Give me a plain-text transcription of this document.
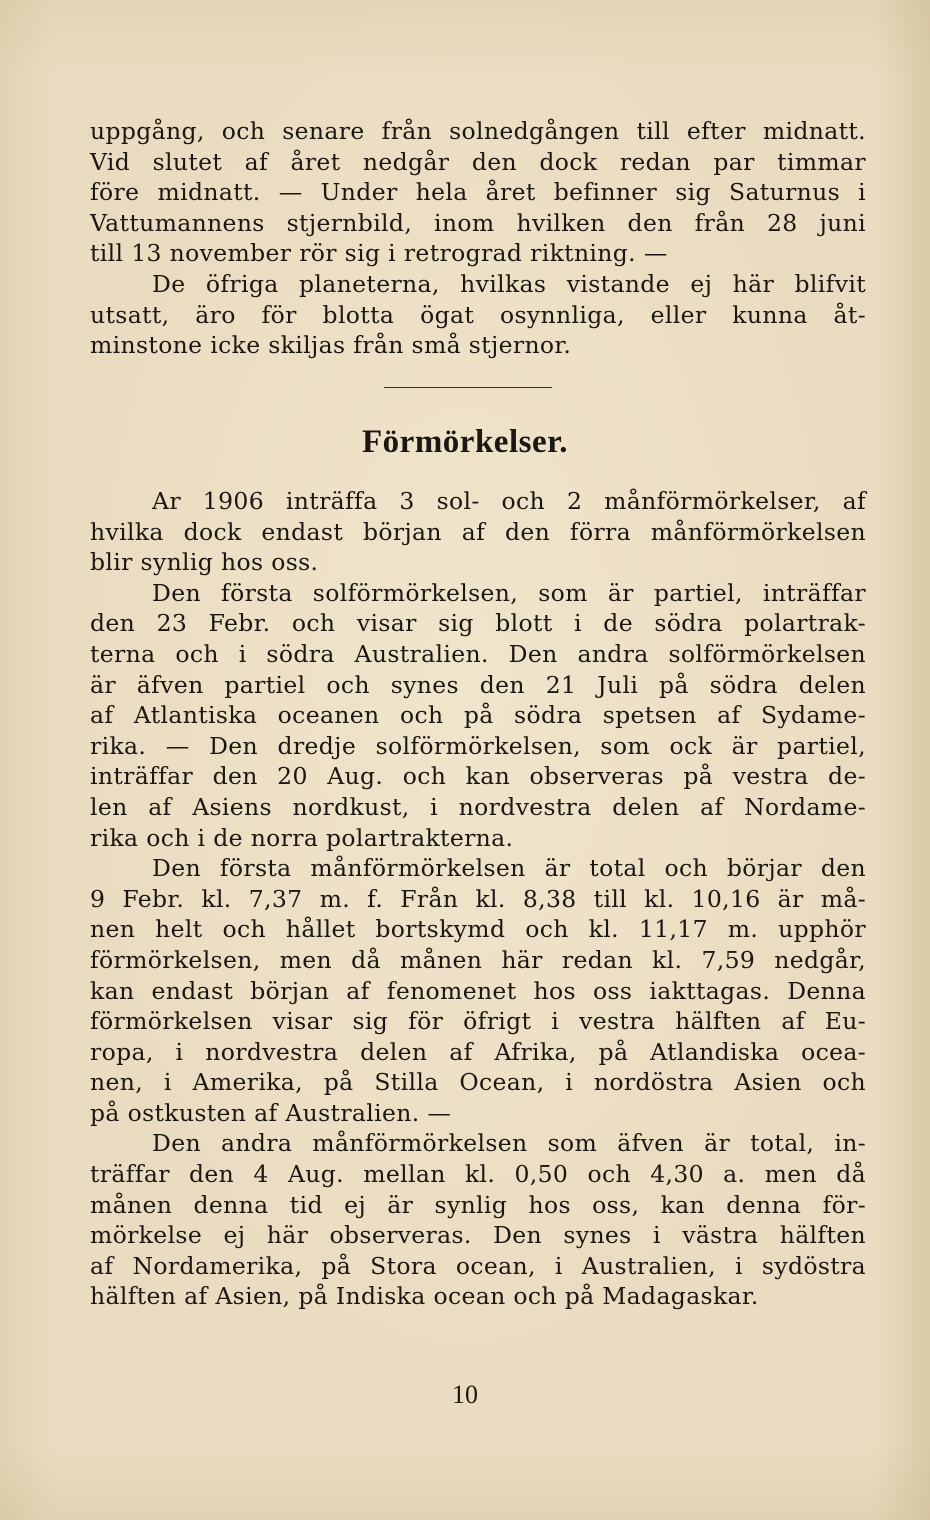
uppgång, och senare från solnedgången till efter midnatt.
Vid slutet af året nedgår den dock redan par timmar
före midnatt. — Under hela året befinner sig Saturnus i
Vattumannens stjernbild, inom hvilken den från 28 juni
till 13 november rör sig i retrograd riktning. —
De öfriga planeterna, hvilkas vistande ej här blifvit
utsatt, äro för blotta ögat osynnliga, eller kunna åt-
minstone icke skiljas från små stjernor.
Förmörkelser.
Ar 1906 inträffa 3 sol- och 2 månförmörkelser, af
hvilka dock endast början af den förra månförmörkelsen
blir synlig hos oss.
Den första solförmörkelsen, som är partiel, inträffar
den 23 Febr. och visar sig blott i de södra polartrak-
terna och i södra Australien. Den andra solförmörkelsen
är äfven partiel och synes den 21 Juli på södra delen
af Atlantiska oceanen och på södra spetsen af Sydame-
rika. — Den dredje solförmörkelsen, som ock är partiel,
inträffar den 20 Aug. och kan observeras på vestra de-
len af Asiens nordkust, i nordvestra delen af Nordame-
rika och i de norra polartrakterna.
Den första månförmörkelsen är total och börjar den
9 Febr. kl. 7,37 m. f. Från kl. 8,38 till kl. 10,16 är må-
nen helt och hållet bortskymd och kl. 11,17 m. upphör
förmörkelsen, men då månen här redan kl. 7,59 nedgår,
kan endast början af fenomenet hos oss iakttagas. Denna
förmörkelsen visar sig för öfrigt i vestra hälften af Eu-
ropa, i nordvestra delen af Afrika, på Atlandiska ocea-
nen, i Amerika, på Stilla Ocean, i nordöstra Asien och
på ostkusten af Australien. —
Den andra månförmörkelsen som äfven är total, in-
träffar den 4 Aug. mellan kl. 0,50 och 4,30 a. men då
månen denna tid ej är synlig hos oss, kan denna för-
mörkelse ej här observeras. Den synes i västra hälften
af Nordamerika, på Stora ocean, i Australien, i sydöstra
hälften af Asien, på Indiska ocean och på Madagaskar.
10
